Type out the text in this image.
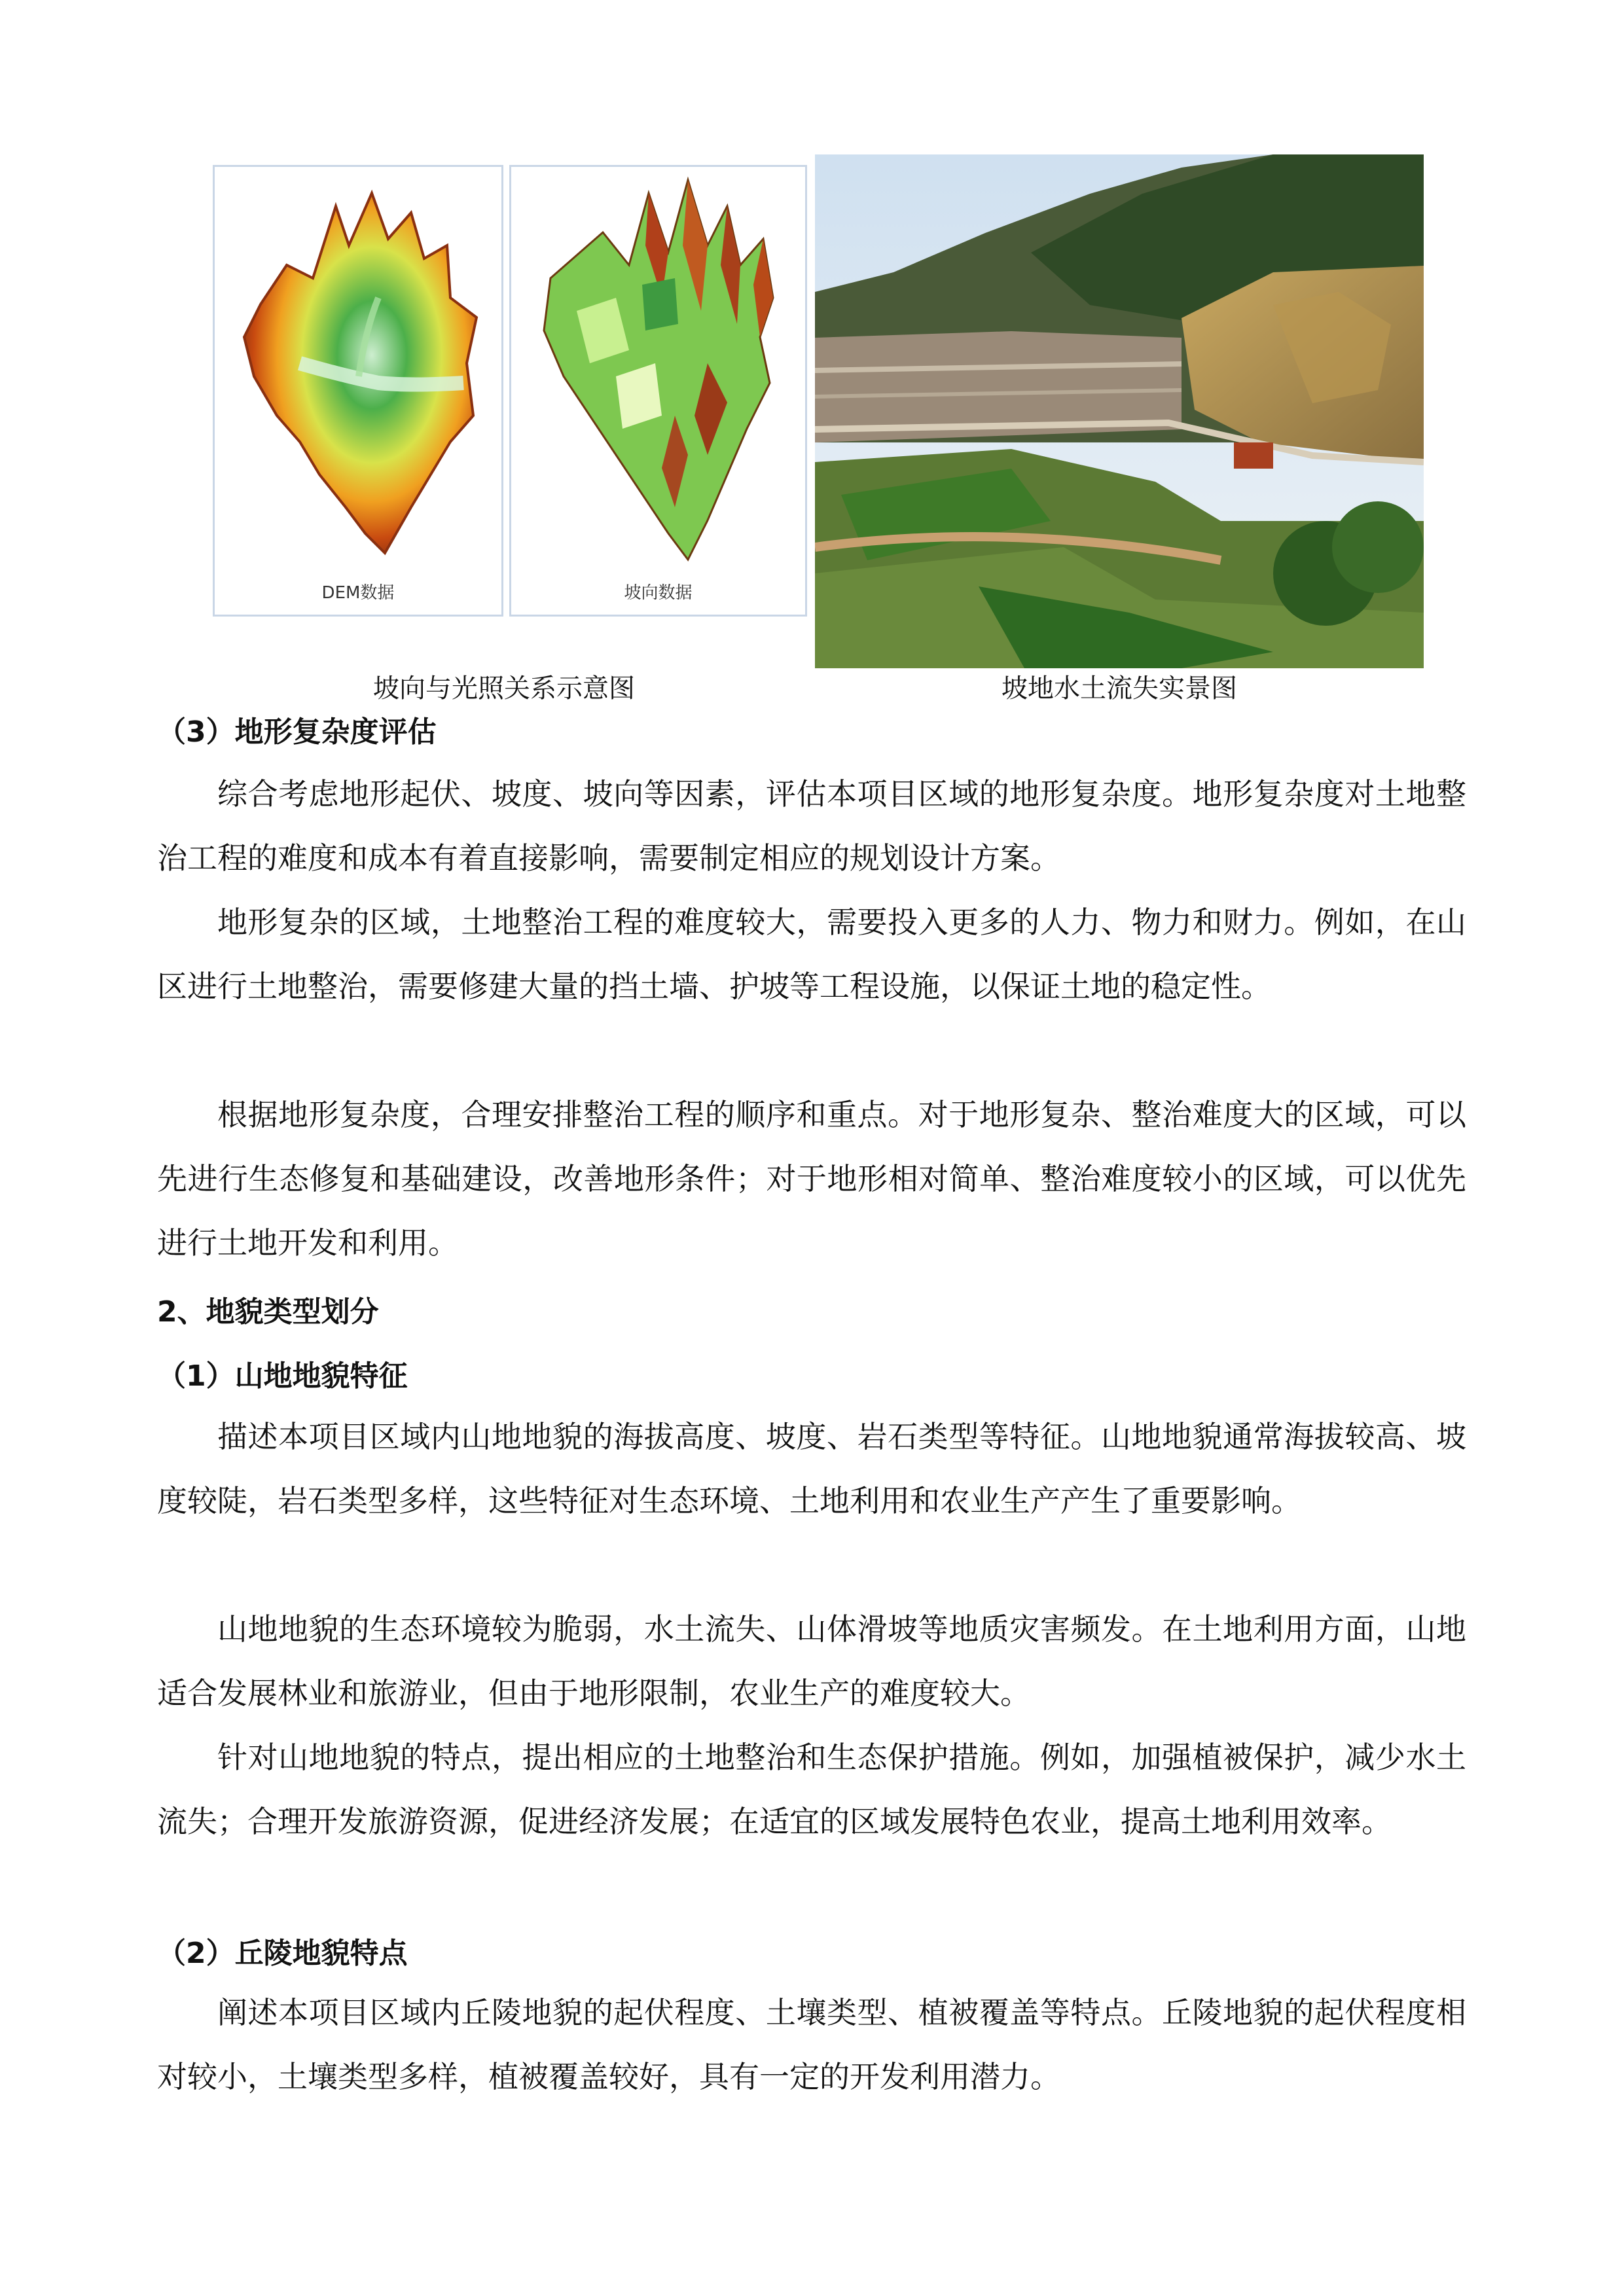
DEM数据	坡向数据
坡向与光照关系示意图	坡地水土流失实景图
（3）地形复杂度评估

综合考虑地形起伏、坡度、坡向等因素，评估本项目区域的地形复杂度。地形复杂度对土地整治工程的难度和成本有着直接影响，需要制定相应的规划设计方案。

地形复杂的区域，土地整治工程的难度较大，需要投入更多的人力、物力和财力。例如，在山区进行土地整治，需要修建大量的挡土墙、护坡等工程设施，以保证土地的稳定性。

根据地形复杂度，合理安排整治工程的顺序和重点。对于地形复杂、整治难度大的区域，可以先进行生态修复和基础建设，改善地形条件；对于地形相对简单、整治难度较小的区域，可以优先进行土地开发和利用。

2、地貌类型划分
（1）山地地貌特征

描述本项目区域内山地地貌的海拔高度、坡度、岩石类型等特征。山地地貌通常海拔较高、坡度较陡，岩石类型多样，这些特征对生态环境、土地利用和农业生产产生了重要影响。

山地地貌的生态环境较为脆弱，水土流失、山体滑坡等地质灾害频发。在土地利用方面，山地适合发展林业和旅游业，但由于地形限制，农业生产的难度较大。

针对山地地貌的特点，提出相应的土地整治和生态保护措施。例如，加强植被保护，减少水土流失；合理开发旅游资源，促进经济发展；在适宜的区域发展特色农业，提高土地利用效率。

（2）丘陵地貌特点

阐述本项目区域内丘陵地貌的起伏程度、土壤类型、植被覆盖等特点。丘陵地貌的起伏程度相对较小，土壤类型多样，植被覆盖较好，具有一定的开发利用潜力。
